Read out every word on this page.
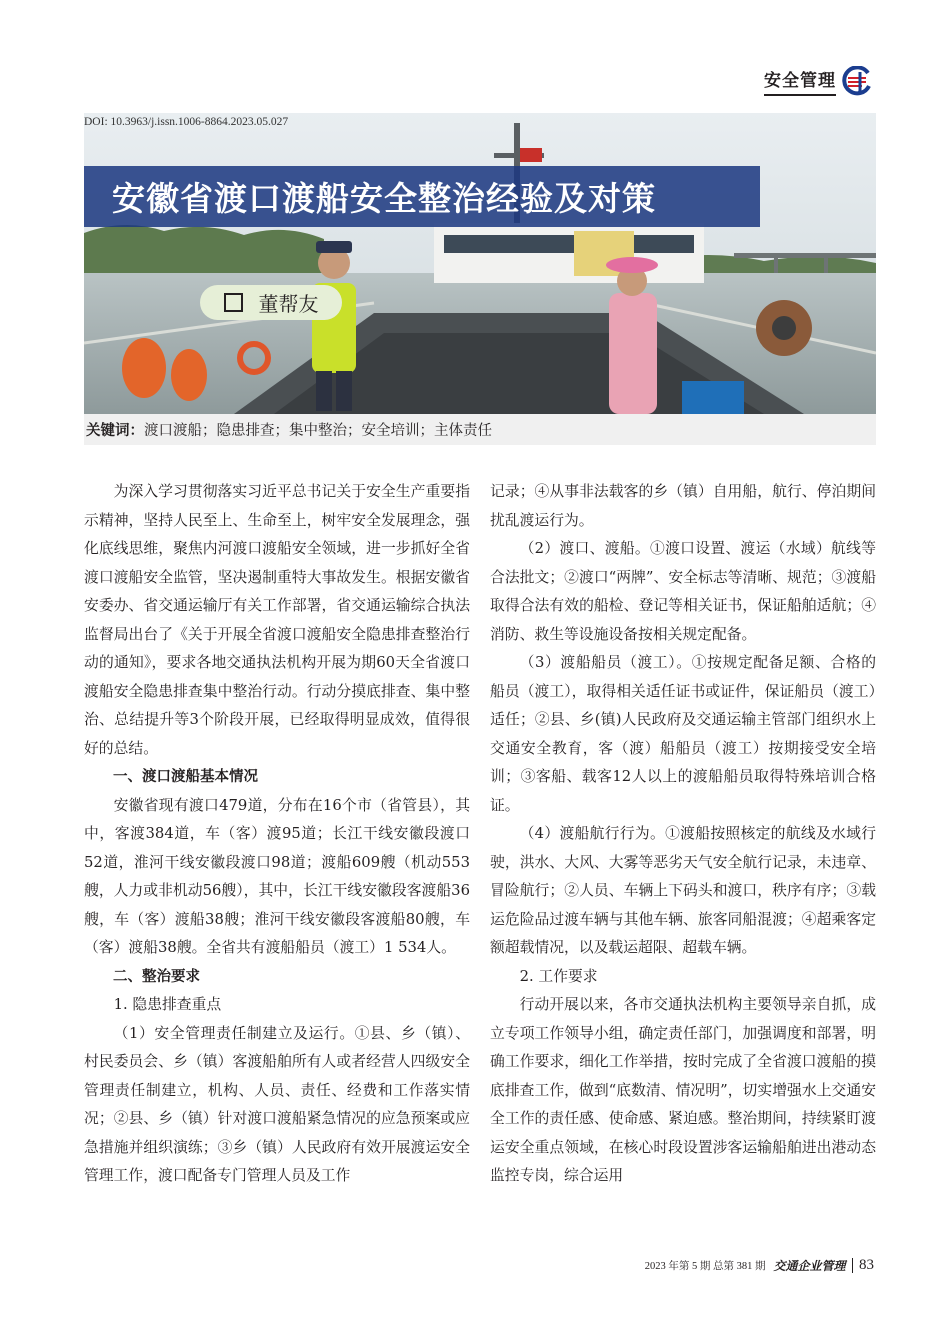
安全管理
DOI: 10.3963/j.issn.1006-8864.2023.05.027
安徽省渡口渡船安全整治经验及对策
董帮友
关键词： 渡口渡船；隐患排查；集中整治；安全培训；主体责任

为深入学习贯彻落实习近平总书记关于安全生产重要指示精神，坚持人民至上、生命至上，树牢安全发展理念，强化底线思维，聚焦内河渡口渡船安全领域，进一步抓好全省渡口渡船安全监管，坚决遏制重特大事故发生。根据安徽省安委办、省交通运输厅有关工作部署，省交通运输综合执法监督局出台了《关于开展全省渡口渡船安全隐患排查整治行动的通知》，要求各地交通执法机构开展为期60天全省渡口渡船安全隐患排查集中整治行动。行动分摸底排查、集中整治、总结提升等3个阶段开展，已经取得明显成效，值得很好的总结。

一、渡口渡船基本情况

安徽省现有渡口479道，分布在16个市（省管县），其中，客渡384道，车（客）渡95道；长江干线安徽段渡口52道，淮河干线安徽段渡口98道；渡船609艘（机动553艘，人力或非机动56艘），其中，长江干线安徽段客渡船36艘，车（客）渡船38艘；淮河干线安徽段客渡船80艘，车（客）渡船38艘。全省共有渡船船员（渡工）1 534人。

二、整治要求

1. 隐患排查重点

（1）安全管理责任制建立及运行。①县、乡（镇）、村民委员会、乡（镇）客渡船舶所有人或者经营人四级安全管理责任制建立，机构、人员、责任、经费和工作落实情况；②县、乡（镇）针对渡口渡船紧急情况的应急预案或应急措施并组织演练；③乡（镇）人民政府有效开展渡运安全管理工作，渡口配备专门管理人员及工作

记录；④从事非法载客的乡（镇）自用船，航行、停泊期间扰乱渡运行为。

（2）渡口、渡船。①渡口设置、渡运（水域）航线等合法批文；②渡口“两牌”、安全标志等清晰、规范；③渡船取得合法有效的船检、登记等相关证书，保证船舶适航；④消防、救生等设施设备按相关规定配备。

（3）渡船船员（渡工）。①按规定配备足额、合格的船员（渡工），取得相关适任证书或证件，保证船员（渡工）适任；②县、乡(镇)人民政府及交通运输主管部门组织水上交通安全教育，客（渡）船船员（渡工）按期接受安全培训；③客船、载客12人以上的渡船船员取得特殊培训合格证。

（4）渡船航行行为。①渡船按照核定的航线及水域行驶，洪水、大风、大雾等恶劣天气安全航行记录，未违章、冒险航行；②人员、车辆上下码头和渡口，秩序有序；③载运危险品过渡车辆与其他车辆、旅客同船混渡；④超乘客定额超载情况，以及载运超限、超载车辆。

2. 工作要求

行动开展以来，各市交通执法机构主要领导亲自抓，成立专项工作领导小组，确定责任部门，加强调度和部署，明确工作要求，细化工作举措，按时完成了全省渡口渡船的摸底排查工作，做到“底数清、情况明”，切实增强水上交通安全工作的责任感、使命感、紧迫感。整治期间，持续紧盯渡运安全重点领域，在核心时段设置涉客运输船舶进出港动态监控专岗，综合运用

2023 年第 5 期 总第 381 期 交通企业管理 83
